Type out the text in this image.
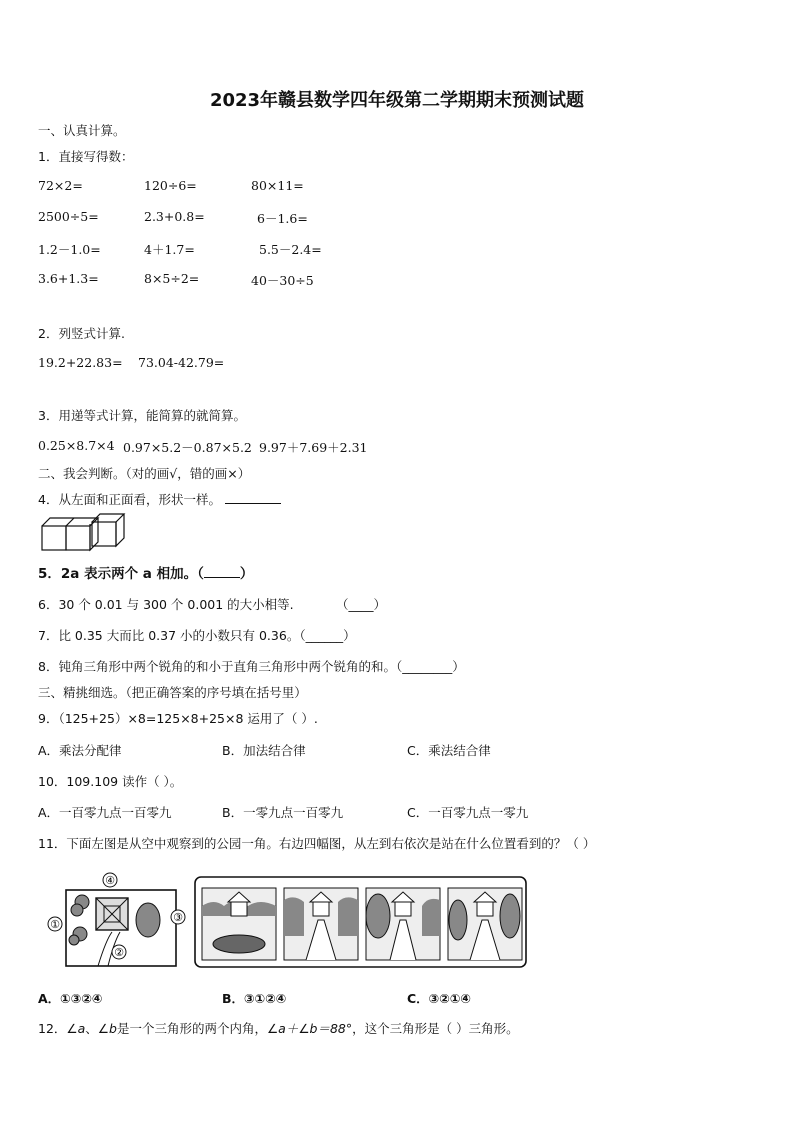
2023年赣县数学四年级第二学期期末预测试题
一、认真计算。
1．直接写得数：
72×2=	120÷6=	80×11=
2500÷5=	2.3+0.8=	6－1.6=
1.2－1.0=	4＋1.7=	5.5－2.4=
3.6+1.3=	8×5÷2=	40－30÷5
2．列竖式计算.
19.2+22.83= 73.04-42.79=
3．用递等式计算，能简算的就简算。
0.25×8.7×4 0.97×5.2－0.87×5.2 9.97＋7.69＋2.31
二、我会判断。（对的画√，错的画×）
4．从左面和正面看，形状一样。
5．2a 表示两个 a 相加。（	）
6．30 个 0.01 与 300 个 0.001 的大小相等.	（____）
7．比 0.35 大而比 0.37 小的小数只有 0.36。（______）
8．钝角三角形中两个锐角的和小于直角三角形中两个锐角的和。（________）
三、精挑细选。（把正确答案的序号填在括号里）
9．（125+25）×8=125×8+25×8 运用了（ ）.
A．乘法分配律	B．加法结合律	C．乘法结合律
10．109.109 读作（ ）。
A．一百零九点一百零九	B．一零九点一百零九	C．一百零九点一零九
11．下面左图是从空中观察到的公园一角。右边四幅图，从左到右依次是站在什么位置看到的？（ ）
④
①
③
②
A．①③②④	B．③①②④	C．③②①④
12．∠a、∠b是一个三角形的两个内角，∠a＋∠b＝88°，这个三角形是（ ）三角形。
